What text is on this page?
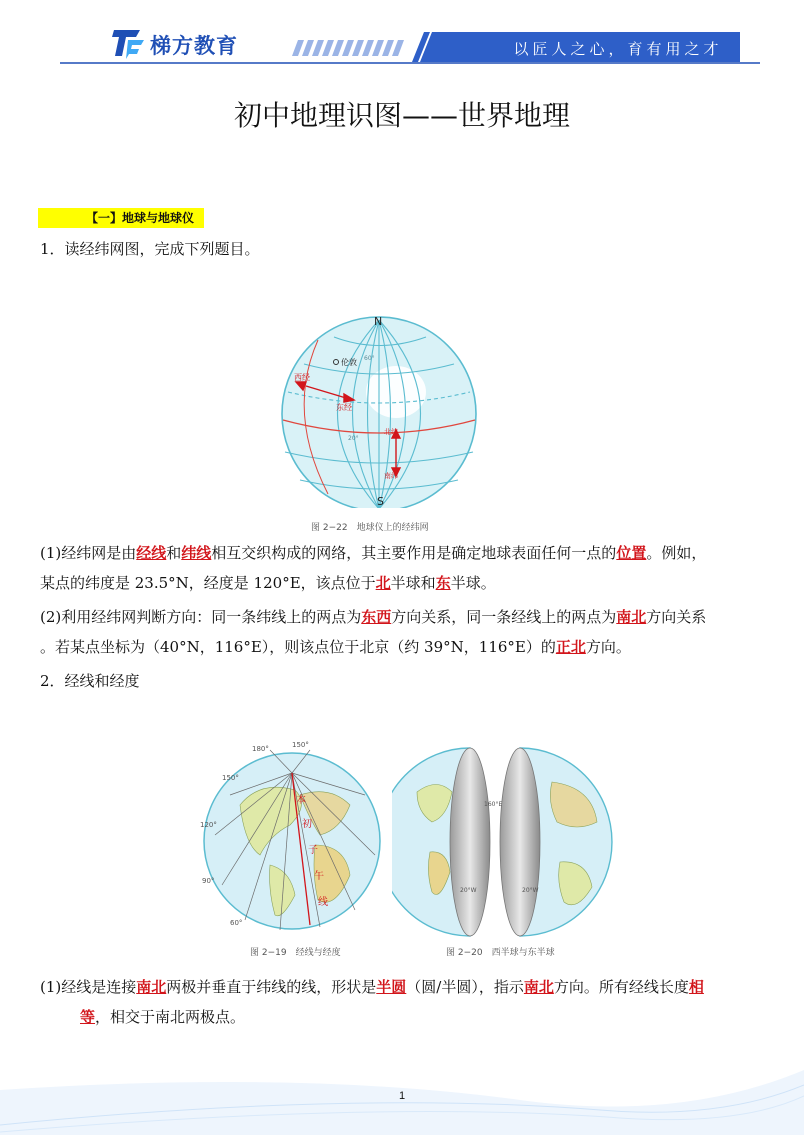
梯方教育	以匠人之心，育有用之才
初中地理识图——世界地理
【一】地球与地球仪
1．读经纬网图，完成下列题目。
N
S
伦敦
西经
东经
北纬
南纬
60°
20°
图 2−22　地球仪上的经纬网
(1)经纬网是由经线和纬线相互交织构成的网络，其主要作用是确定地球表面任何一点的位置。例如，
某点的纬度是 23.5°N，经度是 120°E，该点位于北半球和东半球。
(2)利用经纬网判断方向：同一条纬线上的两点为东西方向关系，同一条经线上的两点为南北方向关系
。若某点坐标为（40°N，116°E），则该点位于北京（约 39°N，116°E）的正北方向。
2．经线和经度
180°	150°
150°
120°
90°
60°
本
初
子
午
线
图 2−19　经线与经度
160°E
20°W	20°W
图 2−20　西半球与东半球
(1)经线是连接南北两极并垂直于纬线的线，形状是半圆（圆/半圆），指示南北方向。所有经线长度相
等，相交于南北两极点。
1
